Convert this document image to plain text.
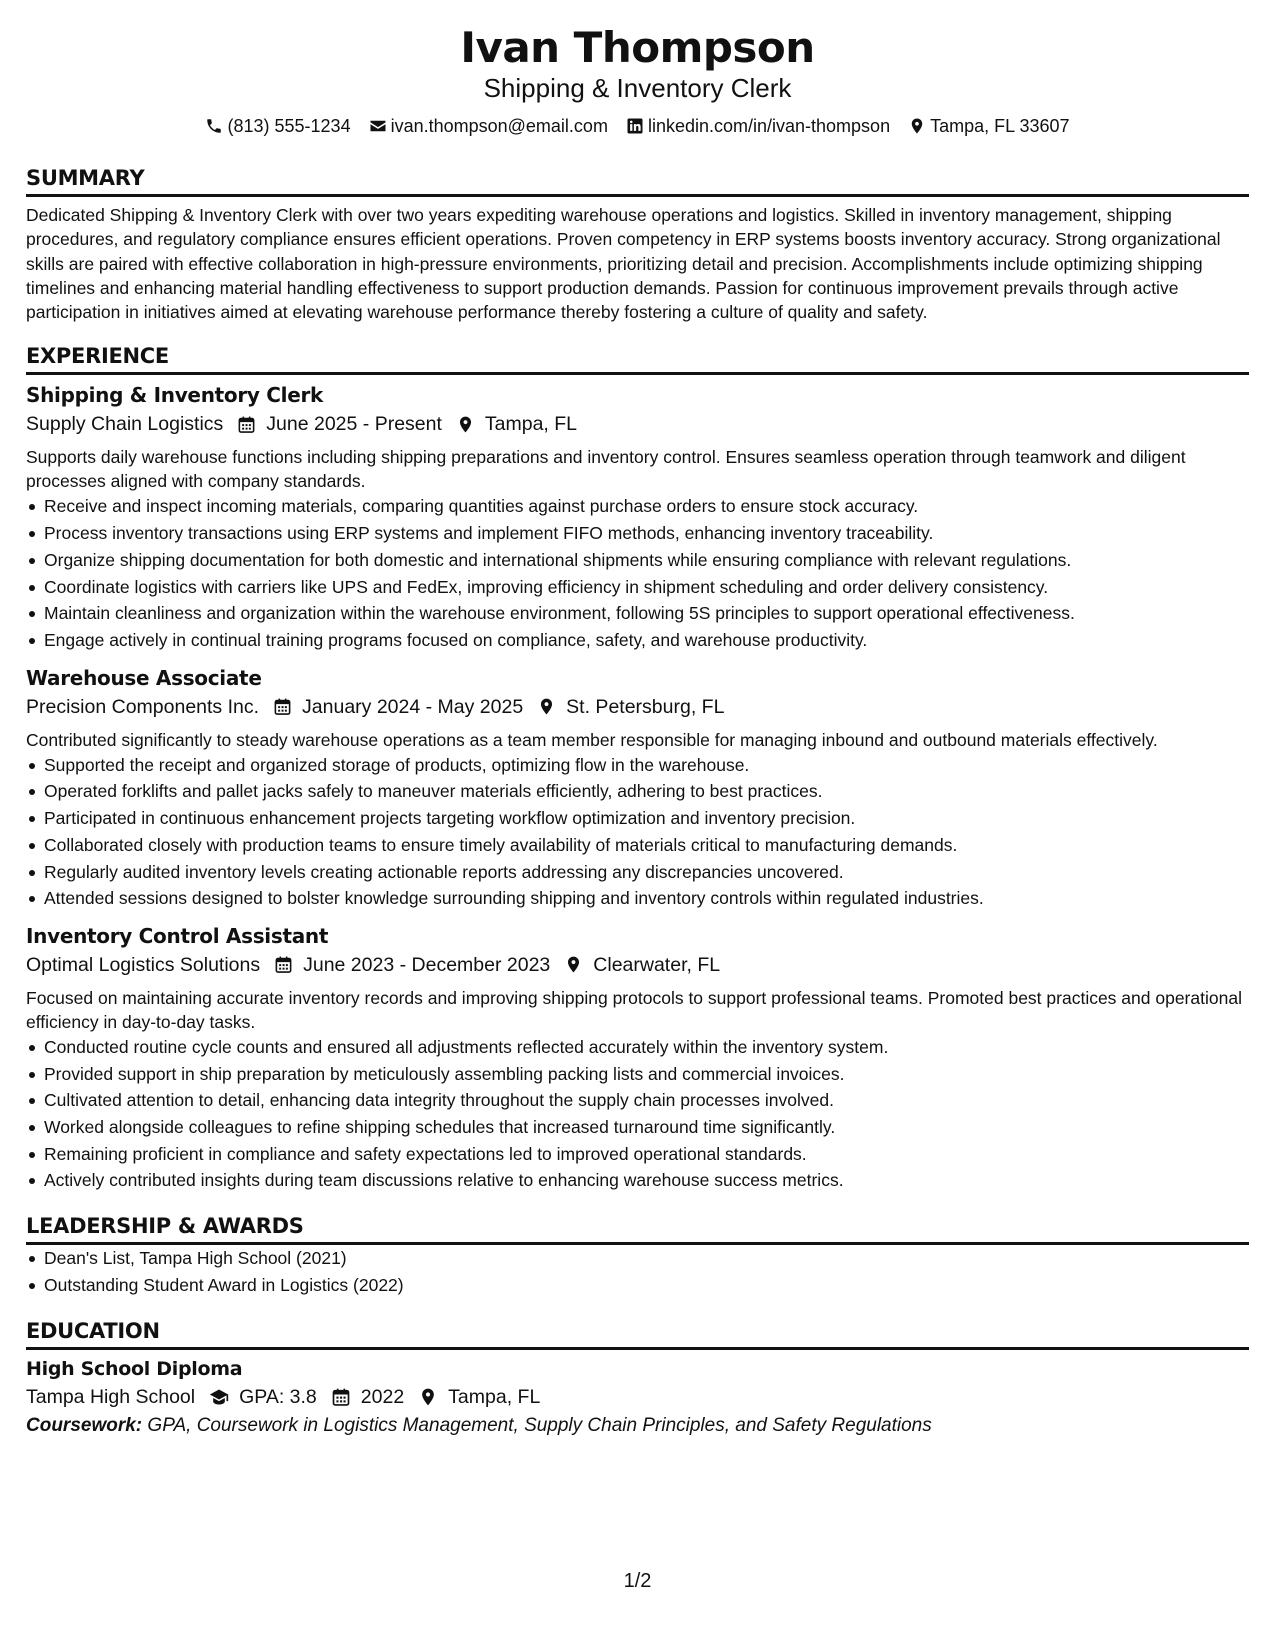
Ivan Thompson
Shipping & Inventory Clerk
(813) 555-1234 ivan.thompson@email.com linkedin.com/in/ivan-thompson Tampa, FL 33607
SUMMARY

Dedicated Shipping & Inventory Clerk with over two years expediting warehouse operations and logistics. Skilled in inventory management, shipping procedures, and regulatory compliance ensures efficient operations. Proven competency in ERP systems boosts inventory accuracy. Strong organizational skills are paired with effective collaboration in high-pressure environments, prioritizing detail and precision. Accomplishments include optimizing shipping timelines and enhancing material handling effectiveness to support production demands. Passion for continuous improvement prevails through active participation in initiatives aimed at elevating warehouse performance thereby fostering a culture of quality and safety.

EXPERIENCE
Shipping & Inventory Clerk
Supply Chain Logistics June 2025 - Present Tampa, FL

Supports daily warehouse functions including shipping preparations and inventory control. Ensures seamless operation through teamwork and diligent processes aligned with company standards.

Receive and inspect incoming materials, comparing quantities against purchase orders to ensure stock accuracy.
Process inventory transactions using ERP systems and implement FIFO methods, enhancing inventory traceability.
Organize shipping documentation for both domestic and international shipments while ensuring compliance with relevant regulations.
Coordinate logistics with carriers like UPS and FedEx, improving efficiency in shipment scheduling and order delivery consistency.
Maintain cleanliness and organization within the warehouse environment, following 5S principles to support operational effectiveness.
Engage actively in continual training programs focused on compliance, safety, and warehouse productivity.
Warehouse Associate
Precision Components Inc. January 2024 - May 2025 St. Petersburg, FL

Contributed significantly to steady warehouse operations as a team member responsible for managing inbound and outbound materials effectively.

Supported the receipt and organized storage of products, optimizing flow in the warehouse.
Operated forklifts and pallet jacks safely to maneuver materials efficiently, adhering to best practices.
Participated in continuous enhancement projects targeting workflow optimization and inventory precision.
Collaborated closely with production teams to ensure timely availability of materials critical to manufacturing demands.
Regularly audited inventory levels creating actionable reports addressing any discrepancies uncovered.
Attended sessions designed to bolster knowledge surrounding shipping and inventory controls within regulated industries.
Inventory Control Assistant
Optimal Logistics Solutions June 2023 - December 2023 Clearwater, FL

Focused on maintaining accurate inventory records and improving shipping protocols to support professional teams. Promoted best practices and operational efficiency in day-to-day tasks.

Conducted routine cycle counts and ensured all adjustments reflected accurately within the inventory system.
Provided support in ship preparation by meticulously assembling packing lists and commercial invoices.
Cultivated attention to detail, enhancing data integrity throughout the supply chain processes involved.
Worked alongside colleagues to refine shipping schedules that increased turnaround time significantly.
Remaining proficient in compliance and safety expectations led to improved operational standards.
Actively contributed insights during team discussions relative to enhancing warehouse success metrics.
LEADERSHIP & AWARDS
Dean's List, Tampa High School (2021)
Outstanding Student Award in Logistics (2022)
EDUCATION
High School Diploma
Tampa High School GPA: 3.8 2022 Tampa, FL
Coursework: GPA, Coursework in Logistics Management, Supply Chain Principles, and Safety Regulations
1/2
